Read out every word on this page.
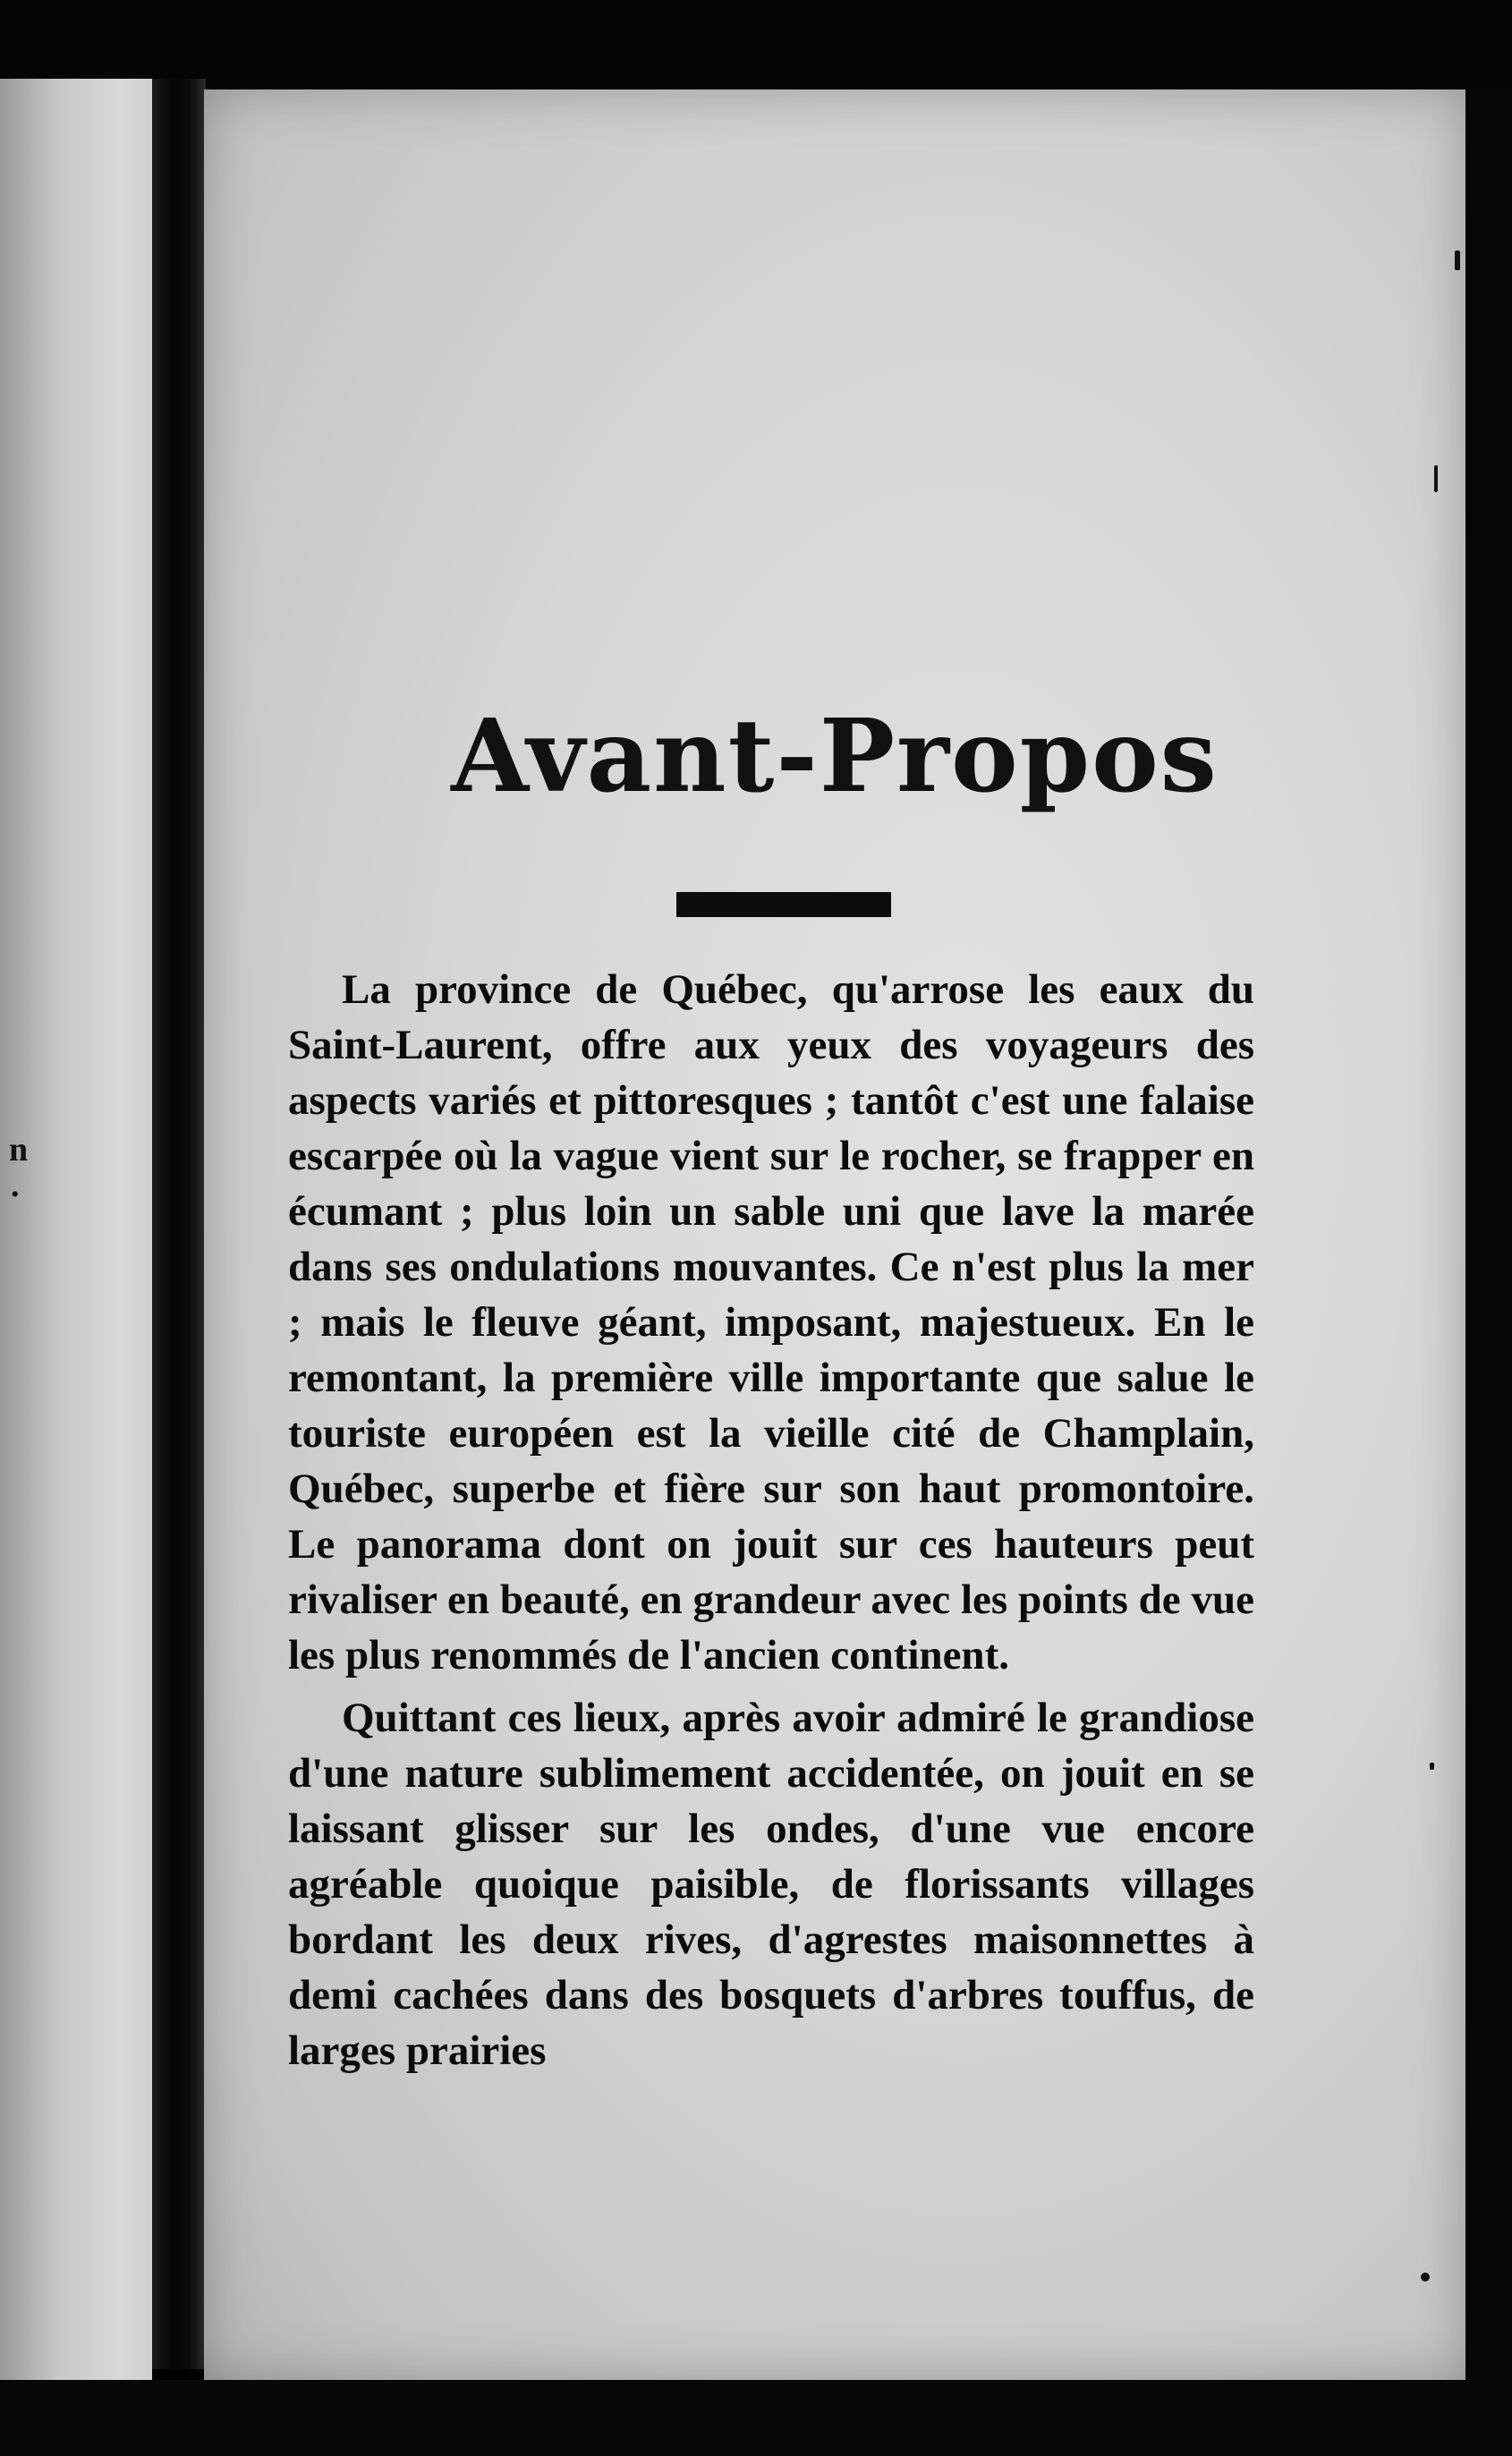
n
.
Avant-Propos

La province de Québec, qu'arrose les eaux du Saint-Laurent, offre aux yeux des voyageurs des aspects variés et pittoresques ; tantôt c'est une falaise escarpée où la vague vient sur le rocher, se frapper en écumant ; plus loin un sable uni que lave la marée dans ses ondulations mouvantes. Ce n'est plus la mer ; mais le fleuve géant, imposant, majestueux. En le remontant, la première ville importante que salue le touriste européen est la vieille cité de Champlain, Québec, superbe et fière sur son haut promontoire. Le panorama dont on jouit sur ces hauteurs peut rivaliser en beauté, en grandeur avec les points de vue les plus renommés de l'ancien continent.

Quittant ces lieux, après avoir admiré le grandiose d'une nature sublimement accidentée, on jouit en se laissant glisser sur les ondes, d'une vue encore agréable quoique paisible, de florissants villages bordant les deux rives, d'agrestes maisonnettes à demi cachées dans des bosquets d'arbres touffus, de larges prairies
